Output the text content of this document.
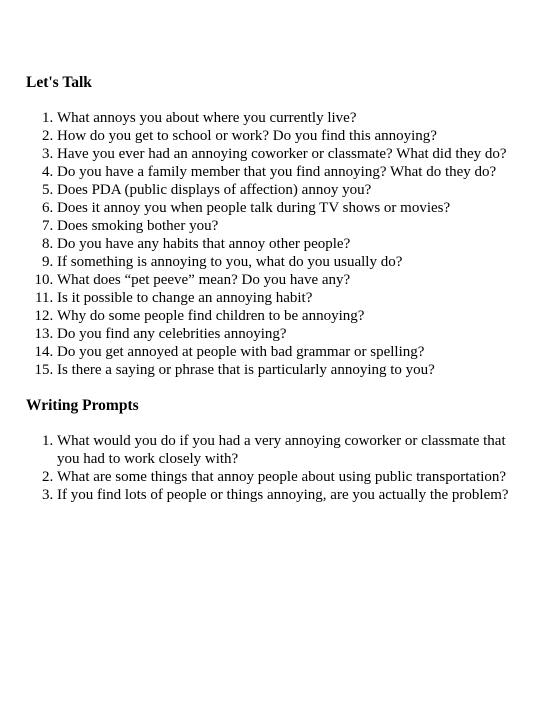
Let's Talk
1. What annoys you about where you currently live?
2. How do you get to school or work? Do you find this annoying?
3. Have you ever had an annoying coworker or classmate? What did they do?
4. Do you have a family member that you find annoying? What do they do?
5. Does PDA (public displays of affection) annoy you?
6. Does it annoy you when people talk during TV shows or movies?
7. Does smoking bother you?
8. Do you have any habits that annoy other people?
9. If something is annoying to you, what do you usually do?
10. What does “pet peeve” mean? Do you have any?
11. Is it possible to change an annoying habit?
12. Why do some people find children to be annoying?
13. Do you find any celebrities annoying?
14. Do you get annoyed at people with bad grammar or spelling?
15. Is there a saying or phrase that is particularly annoying to you?
Writing Prompts
1. What would you do if you had a very annoying coworker or classmate that you had to work closely with?
2. What are some things that annoy people about using public transportation?
3. If you find lots of people or things annoying, are you actually the problem?
